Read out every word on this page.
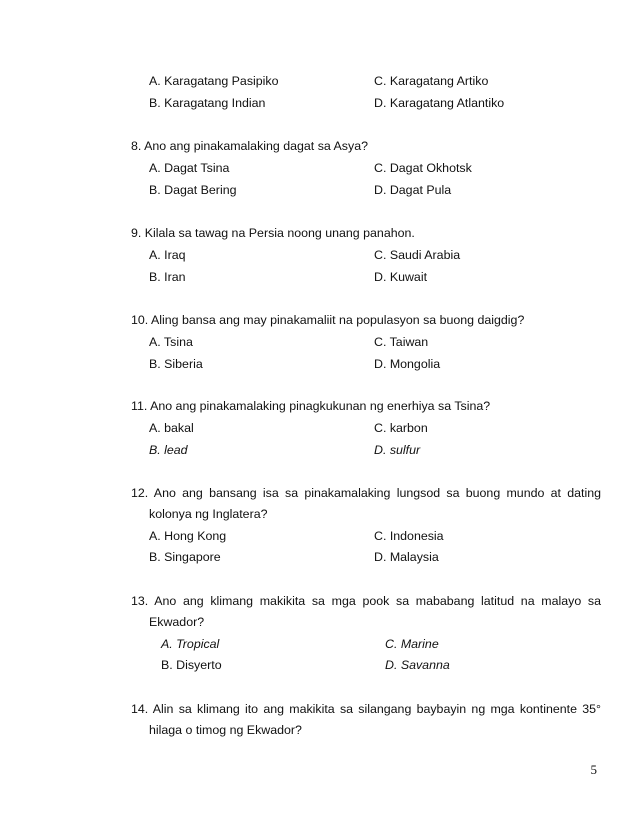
A. Karagatang Pasipiko	C. Karagatang Artiko
B. Karagatang Indian	D. Karagatang Atlantiko
8. Ano ang pinakamalaking dagat sa Asya?
A. Dagat Tsina	C. Dagat Okhotsk
B. Dagat Bering	D. Dagat Pula
9. Kilala sa tawag na Persia noong unang panahon.
A. Iraq	C. Saudi Arabia
B. Iran	D. Kuwait
10. Aling bansa ang may pinakamaliit na populasyon sa buong daigdig?
A. Tsina	C. Taiwan
B. Siberia	D. Mongolia
11. Ano ang pinakamalaking pinagkukunan ng enerhiya sa Tsina?
A. bakal	C. karbon
B. lead	D. sulfur
12. Ano ang bansang isa sa pinakamalaking lungsod sa buong mundo at dating
kolonya ng Inglatera?
A. Hong Kong	C. Indonesia
B. Singapore	D. Malaysia
13. Ano ang klimang makikita sa mga pook sa mababang latitud na malayo sa
Ekwador?
A. Tropical	C. Marine
B. Disyerto	D. Savanna
14. Alin sa klimang ito ang makikita sa silangang baybayin ng mga kontinente 35°
hilaga o timog ng Ekwador?
5
